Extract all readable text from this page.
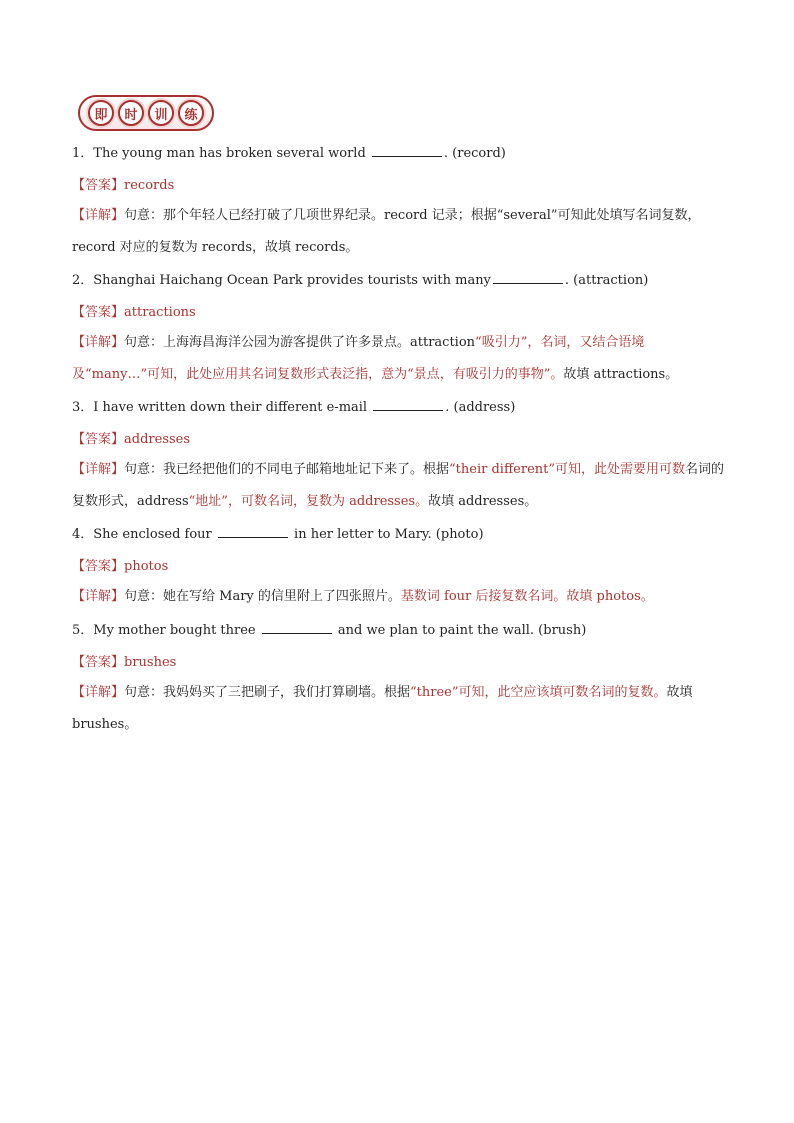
即	时	训	练
1．The young man has broken several world	. (record)
【答案】records
【详解】句意：那个年轻人已经打破了几项世界纪录。record 记录；根据“several”可知此处填写名词复数，record 对应的复数为 records，故填 records。
2．Shanghai Haichang Ocean Park provides tourists with many	. (attraction)
【答案】attractions
【详解】句意：上海海昌海洋公园为游客提供了许多景点。attraction“吸引力”，名词，又结合语境及“many…”可知，此处应用其名词复数形式表泛指，意为“景点，有吸引力的事物”。故填 attractions。
3．I have written down their different e-mail	. (address)
【答案】addresses
【详解】句意：我已经把他们的不同电子邮箱地址记下来了。根据“their different”可知，此处需要用可数名词的复数形式，address“地址”，可数名词，复数为 addresses。故填 addresses。
4．She enclosed four	in her letter to Mary. (photo)
【答案】photos
【详解】句意：她在写给 Mary 的信里附上了四张照片。基数词 four 后接复数名词。故填 photos。
5．My mother bought three	and we plan to paint the wall. (brush)
【答案】brushes
【详解】句意：我妈妈买了三把刷子，我们打算刷墙。根据“three”可知，此空应该填可数名词的复数。故填 brushes。
